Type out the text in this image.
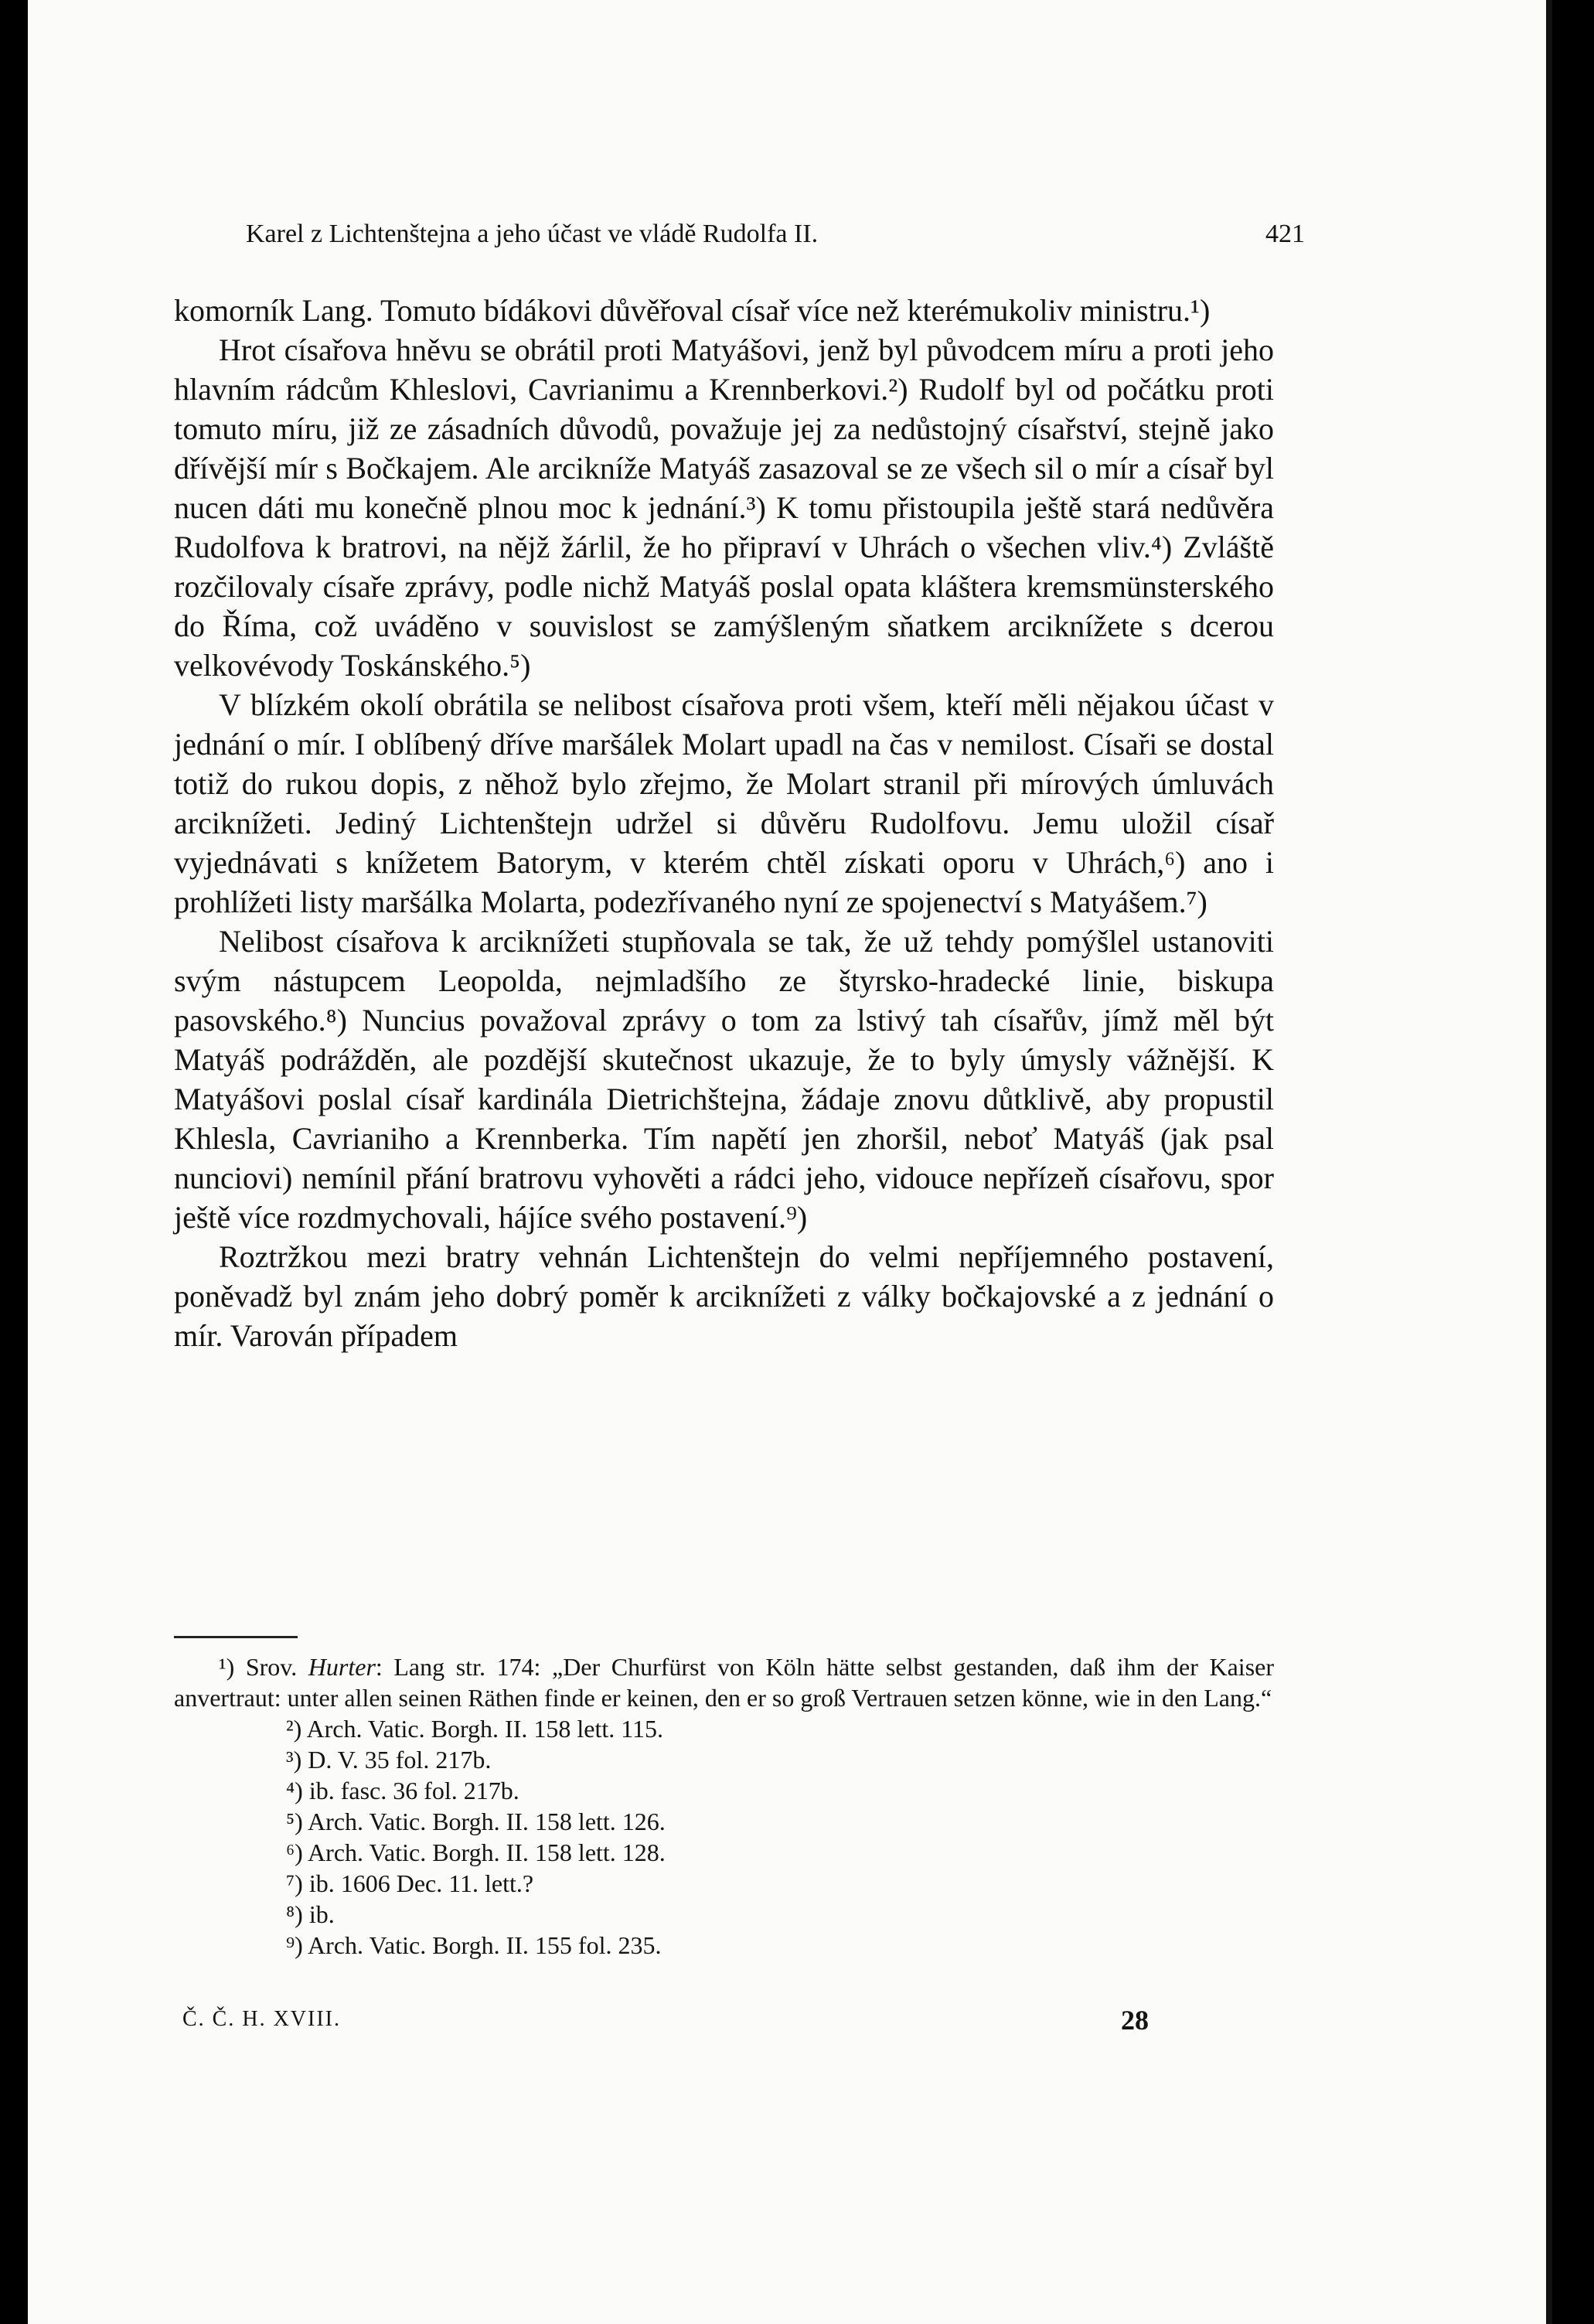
Karel z Lichtenštejna a jeho účast ve vládě Rudolfa II.	421

komorník Lang. Tomuto bídákovi důvěřoval císař více než kterémukoliv ministru.¹)

Hrot císařova hněvu se obrátil proti Matyášovi, jenž byl původcem míru a proti jeho hlavním rádcům Khleslovi, Cavrianimu a Krennberkovi.²) Rudolf byl od počátku proti tomuto míru, již ze zásadních důvodů, považuje jej za nedůstojný císařství, stejně jako dřívější mír s Bočkajem. Ale arcikníže Matyáš zasazoval se ze všech sil o mír a císař byl nucen dáti mu konečně plnou moc k jednání.³) K tomu přistoupila ještě stará nedůvěra Rudolfova k bratrovi, na nějž žárlil, že ho připraví v Uhrách o všechen vliv.⁴) Zvláště rozčilovaly císaře zprávy, podle nichž Matyáš poslal opata kláštera kremsmünsterského do Říma, což uváděno v souvislost se zamýšleným sňatkem arciknížete s dcerou velkovévody Toskánského.⁵)

V blízkém okolí obrátila se nelibost císařova proti všem, kteří měli nějakou účast v jednání o mír. I oblíbený dříve maršálek Molart upadl na čas v nemilost. Císaři se dostal totiž do rukou dopis, z něhož bylo zřejmo, že Molart stranil při mírových úmluvách arciknížeti. Jediný Lichtenštejn udržel si důvěru Rudolfovu. Jemu uložil císař vyjednávati s knížetem Batorym, v kterém chtěl získati oporu v Uhrách,⁶) ano i prohlížeti listy maršálka Molarta, podezřívaného nyní ze spojenectví s Matyášem.⁷)

Nelibost císařova k arciknížeti stupňovala se tak, že už tehdy pomýšlel ustanoviti svým nástupcem Leopolda, nejmladšího ze štyrsko-hradecké linie, biskupa pasovského.⁸) Nuncius považoval zprávy o tom za lstivý tah císařův, jímž měl být Matyáš podrážděn, ale pozdější skutečnost ukazuje, že to byly úmysly vážnější. K Matyášovi poslal císař kardinála Dietrichštejna, žádaje znovu důtklivě, aby propustil Khlesla, Cavrianiho a Krennberka. Tím napětí jen zhoršil, neboť Matyáš (jak psal nunciovi) nemínil přání bratrovu vyhověti a rádci jeho, vidouce nepřízeň císařovu, spor ještě více rozdmychovali, hájíce svého postavení.⁹)

Roztržkou mezi bratry vehnán Lichtenštejn do velmi nepříjemného postavení, poněvadž byl znám jeho dobrý poměr k arciknížeti z války bočkajovské a z jednání o mír. Varován případem

¹) Srov. Hurter: Lang str. 174: „Der Churfürst von Köln hätte selbst gestanden, daß ihm der Kaiser anvertraut: unter allen seinen Räthen finde er keinen, den er so groß Vertrauen setzen könne, wie in den Lang.“

²) Arch. Vatic. Borgh. II. 158 lett. 115.

³) D. V. 35 fol. 217b.

⁴) ib. fasc. 36 fol. 217b.

⁵) Arch. Vatic. Borgh. II. 158 lett. 126.

⁶) Arch. Vatic. Borgh. II. 158 lett. 128.

⁷) ib. 1606 Dec. 11. lett.?

⁸) ib.

⁹) Arch. Vatic. Borgh. II. 155 fol. 235.

Č. Č. H. XVIII.	28
